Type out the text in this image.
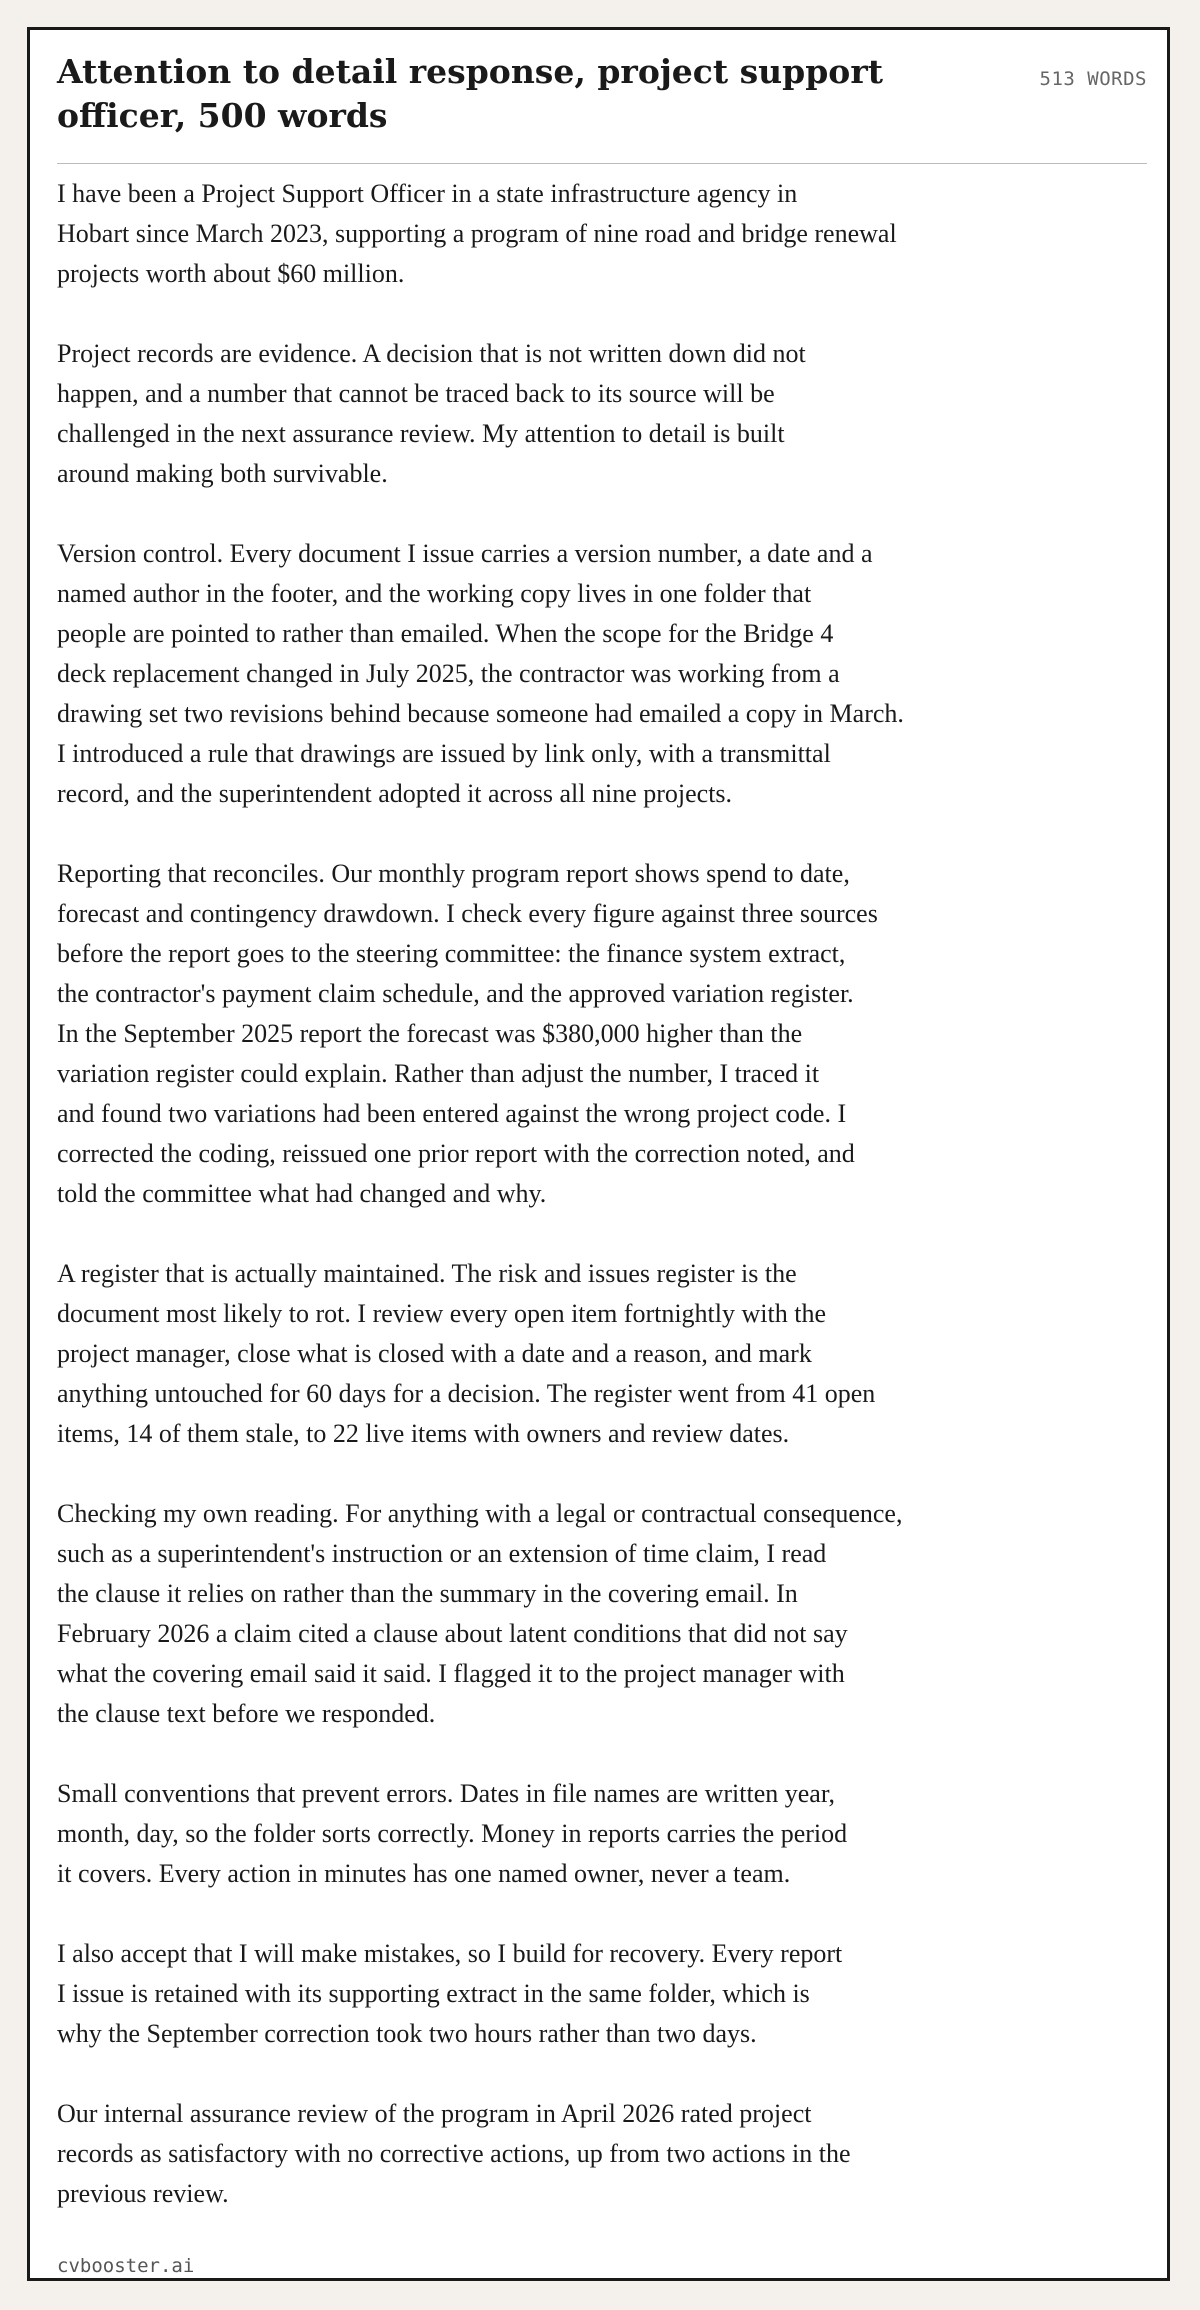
Attention to detail response, project support officer, 500 words
513 WORDS

I have been a Project Support Officer in a state infrastructure agency in
Hobart since March 2023, supporting a program of nine road and bridge renewal
projects worth about $60 million.

Project records are evidence. A decision that is not written down did not
happen, and a number that cannot be traced back to its source will be
challenged in the next assurance review. My attention to detail is built
around making both survivable.

Version control. Every document I issue carries a version number, a date and a
named author in the footer, and the working copy lives in one folder that
people are pointed to rather than emailed. When the scope for the Bridge 4
deck replacement changed in July 2025, the contractor was working from a
drawing set two revisions behind because someone had emailed a copy in March.
I introduced a rule that drawings are issued by link only, with a transmittal
record, and the superintendent adopted it across all nine projects.

Reporting that reconciles. Our monthly program report shows spend to date,
forecast and contingency drawdown. I check every figure against three sources
before the report goes to the steering committee: the finance system extract,
the contractor's payment claim schedule, and the approved variation register.
In the September 2025 report the forecast was $380,000 higher than the
variation register could explain. Rather than adjust the number, I traced it
and found two variations had been entered against the wrong project code. I
corrected the coding, reissued one prior report with the correction noted, and
told the committee what had changed and why.

A register that is actually maintained. The risk and issues register is the
document most likely to rot. I review every open item fortnightly with the
project manager, close what is closed with a date and a reason, and mark
anything untouched for 60 days for a decision. The register went from 41 open
items, 14 of them stale, to 22 live items with owners and review dates.

Checking my own reading. For anything with a legal or contractual consequence,
such as a superintendent's instruction or an extension of time claim, I read
the clause it relies on rather than the summary in the covering email. In
February 2026 a claim cited a clause about latent conditions that did not say
what the covering email said it said. I flagged it to the project manager with
the clause text before we responded.

Small conventions that prevent errors. Dates in file names are written year,
month, day, so the folder sorts correctly. Money in reports carries the period
it covers. Every action in minutes has one named owner, never a team.

I also accept that I will make mistakes, so I build for recovery. Every report
I issue is retained with its supporting extract in the same folder, which is
why the September correction took two hours rather than two days.

Our internal assurance review of the program in April 2026 rated project
records as satisfactory with no corrective actions, up from two actions in the
previous review.

cvbooster.ai
